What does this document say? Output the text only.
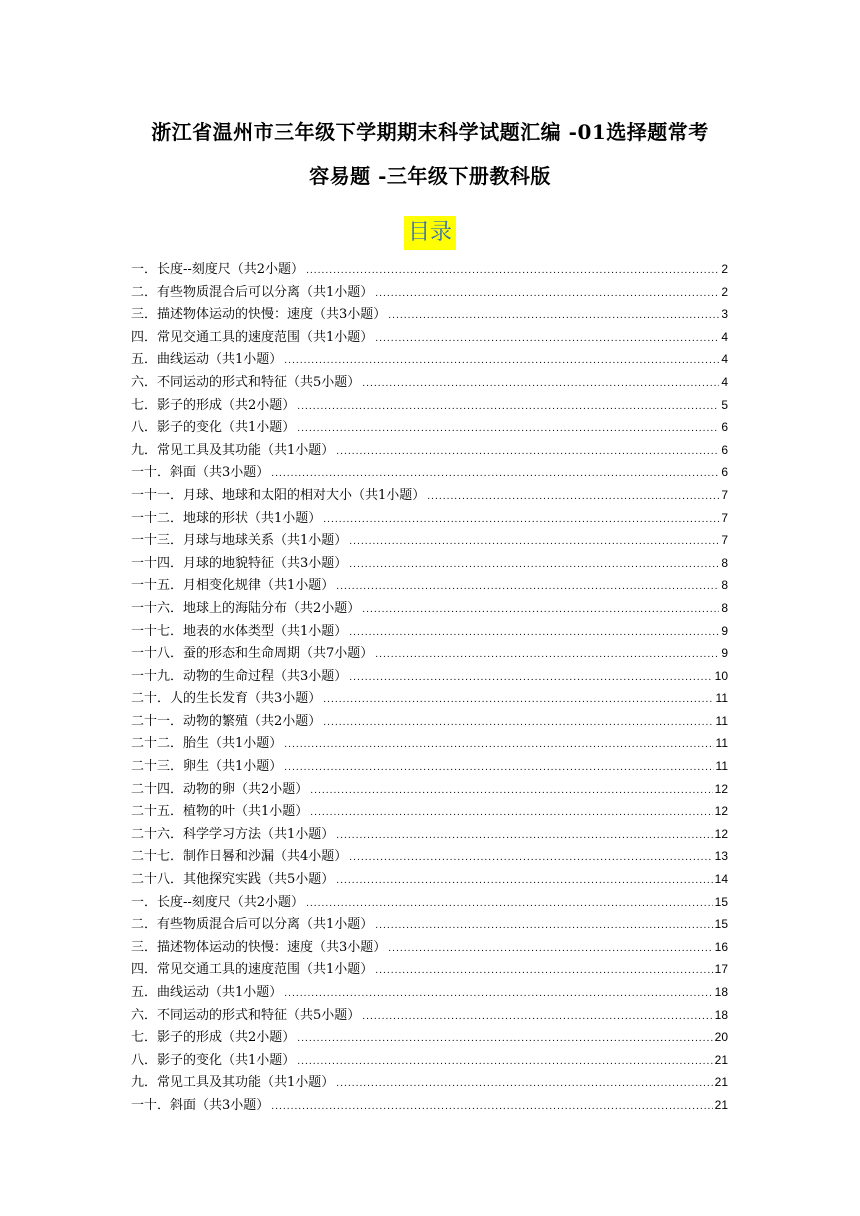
浙江省温州市三年级下学期期末科学试题汇编 -01选择题常考
容易题 -三年级下册教科版
目录
一．长度--刻度尺（共2小题） .....	2
二．有些物质混合后可以分离（共1小题） .....	2
三．描述物体运动的快慢：速度（共3小题） .....	3
四．常见交通工具的速度范围（共1小题） .....	4
五．曲线运动（共1小题） .....	4
六．不同运动的形式和特征（共5小题） .....	4
七．影子的形成（共2小题） .....	5
八．影子的变化（共1小题） .....	6
九．常见工具及其功能（共1小题） .....	6
一十．斜面（共3小题） .....	6
一十一．月球、地球和太阳的相对大小（共1小题） .....	7
一十二．地球的形状（共1小题） .....	7
一十三．月球与地球关系（共1小题） .....	7
一十四．月球的地貌特征（共3小题） .....	8
一十五．月相变化规律（共1小题） .....	8
一十六．地球上的海陆分布（共2小题） .....	8
一十七．地表的水体类型（共1小题） .....	9
一十八．蚕的形态和生命周期（共7小题） .....	9
一十九．动物的生命过程（共3小题） .....	10
二十．人的生长发育（共3小题） .....	11
二十一．动物的繁殖（共2小题） .....	11
二十二．胎生（共1小题） .....	11
二十三．卵生（共1小题） .....	11
二十四．动物的卵（共2小题） .....	12
二十五．植物的叶（共1小题） .....	12
二十六．科学学习方法（共1小题） .....	12
二十七．制作日晷和沙漏（共4小题） .....	13
二十八．其他探究实践（共5小题） .....	14
一．长度--刻度尺（共2小题） .....	15
二．有些物质混合后可以分离（共1小题） .....	15
三．描述物体运动的快慢：速度（共3小题） .....	16
四．常见交通工具的速度范围（共1小题） .....	17
五．曲线运动（共1小题） .....	18
六．不同运动的形式和特征（共5小题） .....	18
七．影子的形成（共2小题） .....	20
八．影子的变化（共1小题） .....	21
九．常见工具及其功能（共1小题） .....	21
一十．斜面（共3小题） .....	21
